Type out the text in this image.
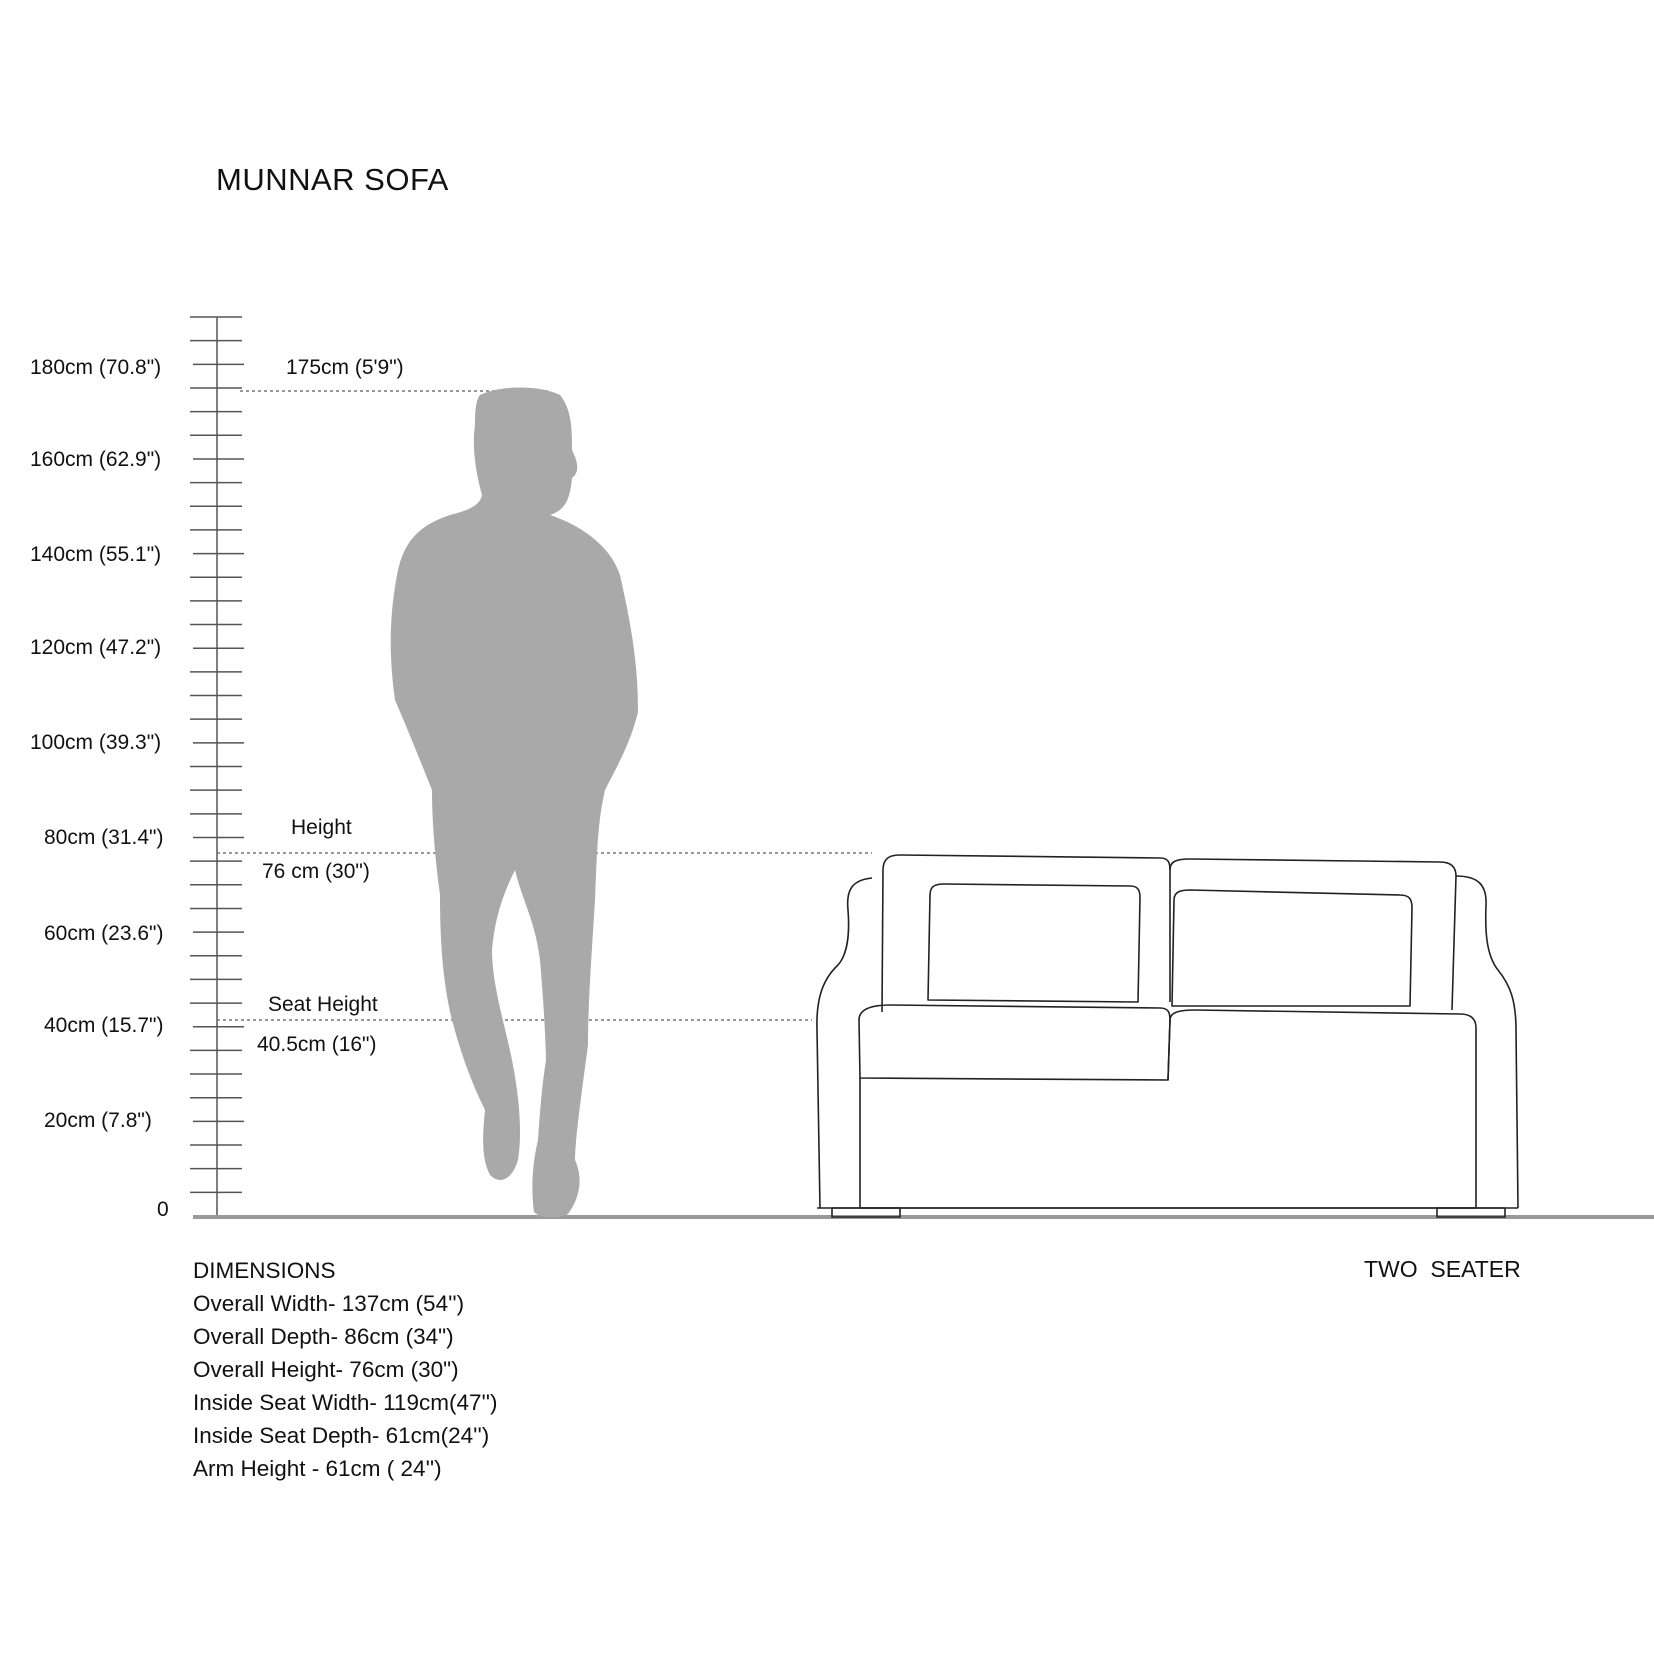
MUNNAR SOFA
180cm (70.8")
160cm (62.9")
140cm (55.1")
120cm (47.2")
100cm (39.3")
80cm (31.4")
60cm (23.6")
40cm (15.7")
20cm (7.8")
0
175cm (5'9")
Height
76 cm (30")
Seat Height
40.5cm (16")
DIMENSIONS
Overall Width- 137cm (54'')
Overall Depth- 86cm (34")
Overall Height- 76cm (30")
Inside Seat Width- 119cm(47'')
Inside Seat Depth- 61cm(24'')
Arm Height - 61cm ( 24'')
TWO  SEATER
